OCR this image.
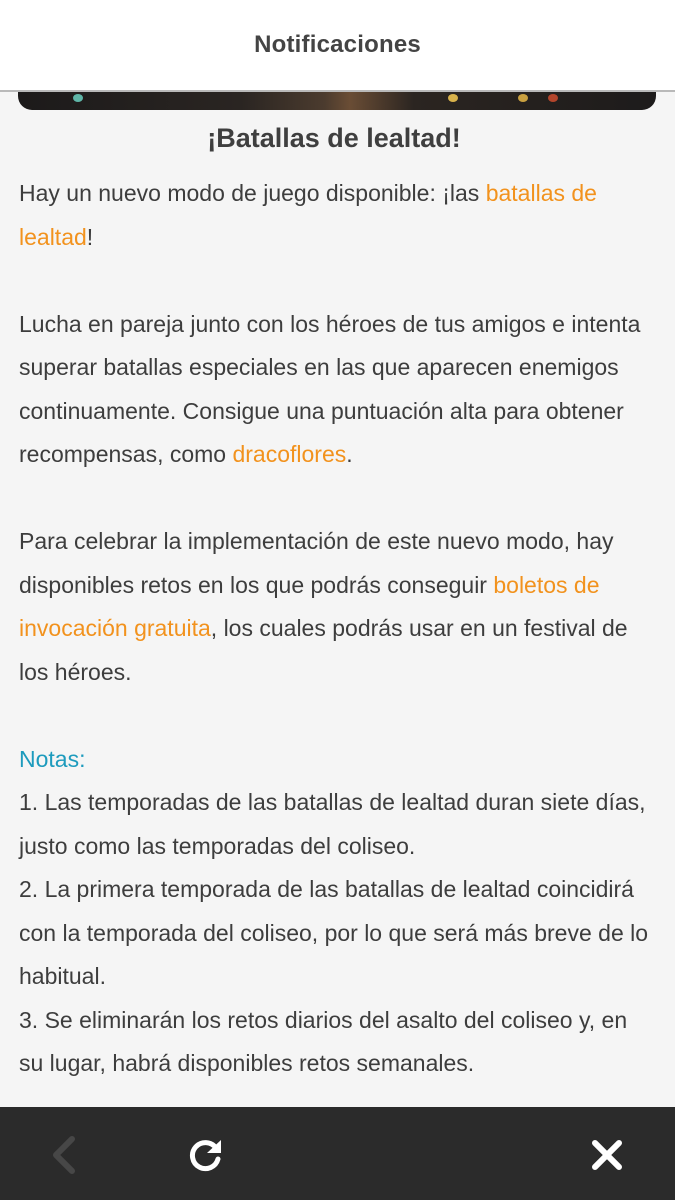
Notificaciones
¡Batallas de lealtad!

Hay un nuevo modo de juego disponible: ¡las batallas de lealtad!

Lucha en pareja junto con los héroes de tus amigos e intenta superar batallas especiales en las que aparecen enemigos continuamente. Consigue una puntuación alta para obtener recompensas, como dracoflores.

Para celebrar la implementación de este nuevo modo, hay disponibles retos en los que podrás conseguir boletos de invocación gratuita, los cuales podrás usar en un festival de los héroes.

Notas:

1. Las temporadas de las batallas de lealtad duran siete días, justo como las temporadas del coliseo.

2. La primera temporada de las batallas de lealtad coincidirá con la temporada del coliseo, por lo que será más breve de lo habitual.

3. Se eliminarán los retos diarios del asalto del coliseo y, en su lugar, habrá disponibles retos semanales.
